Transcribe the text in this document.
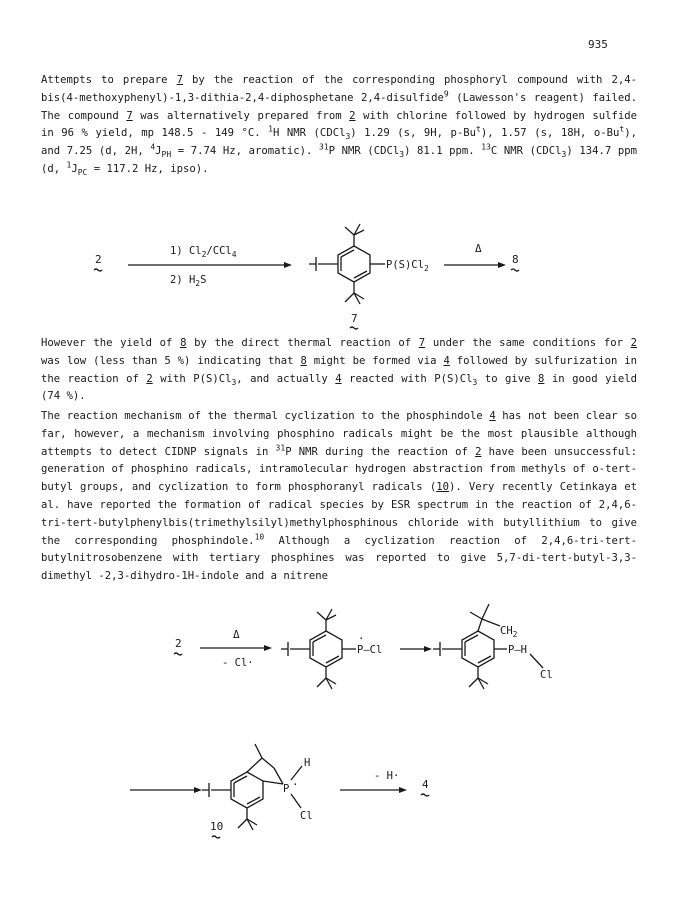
935

Attempts to prepare 7 by the reaction of the corresponding phosphoryl compound with 2,4-bis(4-methoxyphenyl)-1,3-dithia-2,4-diphosphetane 2,4-disulfide$^9$ (Lawesson's reagent) failed. The compound 7 was alternatively prepared from 2 with chlorine followed by hydrogen sulfide in 96 % yield, mp 148.5 - 149 °C. $^1$H NMR (CDCl$_3$) 1.29 (s, 9H, p-Bu$^t$), 1.57 (s, 18H, o-Bu$^t$), and 7.25 (d, 2H, $^4J_{PH} = 7.74$ Hz, aromatic). $^{31}$P NMR (CDCl$_3$) 81.1 ppm. $^{13}$C NMR (CDCl$_3$) 134.7 ppm (d, $^1J_{PC} = 117.2$ Hz, ipso).

2
1) $Cl_2/CCl_4$
2) $H_2S$
$P(S)Cl_2$
7
Δ
8

However the yield of 8 by the direct thermal reaction of 7 under the same conditions for 2 was low (less than 5 %) indicating that 8 might be formed via 4 followed by sulfurization in the reaction of 2 with $P(S)Cl_3$, and actually 4 reacted with $P(S)Cl_3$ to give 8 in good yield (74 %).

The reaction mechanism of the thermal cyclization to the phosphindole 4 has not been clear so far, however, a mechanism involving phosphino radicals might be the most plausible although attempts to detect CIDNP signals in $^{31}$P NMR during the reaction of 2 have been unsuccessful: generation of phosphino radicals, intramolecular hydrogen abstraction from methyls of o-tert-butyl groups, and cyclization to form phosphoranyl radicals (10). Very recently Cetinkaya et al. have reported the formation of radical species by ESR spectrum in the reaction of 2,4,6-tri-tert-butylphenylbis(trimethylsilyl)methylphosphinous chloride with butyllithium to give the corresponding phosphindole.$^{10}$ Although a cyclization reaction of 2,4,6-tri-tert-butylnitrosobenzene with tertiary phosphines was reported to give 5,7-di-tert-butyl-3,3- dimethyl -2,3-dihydro-1H-indole and a nitrene

2
Δ
- Cl·
·
P—Cl
$CH_2$
P—H
Cl
H
P ·
Cl
- H·
4
10
